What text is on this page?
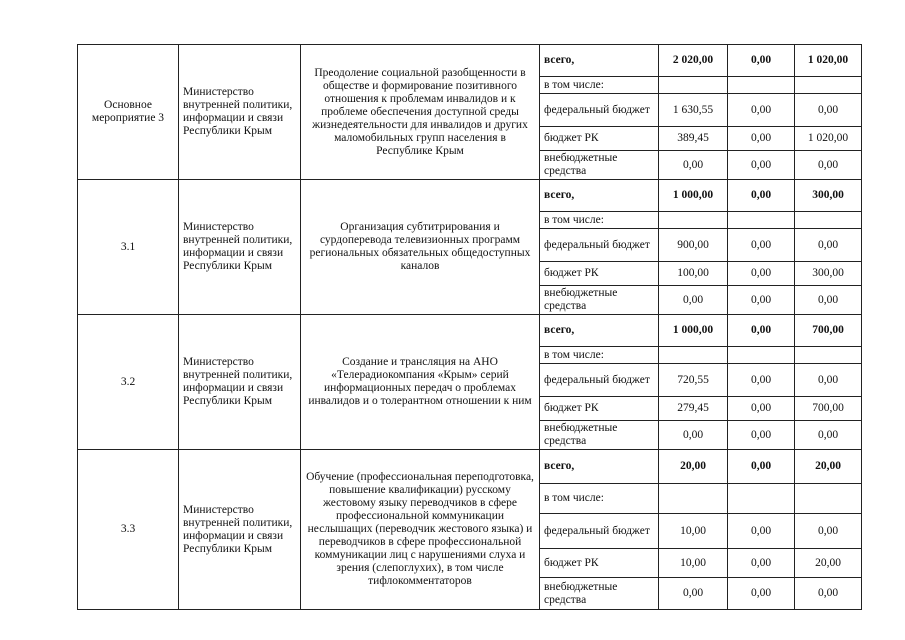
Основное мероприятие 3	Министерство внутренней политики, информации и связи Республики Крым	Преодоление социальной разобщенности в обществе и формирование позитивного отношения к проблемам инвалидов и к проблеме обеспечения доступной среды жизнедеятельности для инвалидов и других маломобильных групп населения в Республике Крым	всего,	2 020,00	0,00	1 020,00
			в том числе:			
			федеральный бюджет	1 630,55	0,00	0,00
			бюджет РК	389,45	0,00	1 020,00
			внебюджетные средства	0,00	0,00	0,00
3.1	Министерство внутренней политики, информации и связи Республики Крым	Организация субтитрирования и сурдоперевода телевизионных программ региональных обязательных общедоступных каналов	всего,	1 000,00	0,00	300,00
			в том числе:			
			федеральный бюджет	900,00	0,00	0,00
			бюджет РК	100,00	0,00	300,00
			внебюджетные средства	0,00	0,00	0,00
3.2	Министерство внутренней политики, информации и связи Республики Крым	Создание и трансляция на АНО «Телерадиокомпания «Крым» серий информационных передач о проблемах инвалидов и о толерантном отношении к ним	всего,	1 000,00	0,00	700,00
			в том числе:			
			федеральный бюджет	720,55	0,00	0,00
			бюджет РК	279,45	0,00	700,00
			внебюджетные средства	0,00	0,00	0,00
3.3	Министерство внутренней политики, информации и связи Республики Крым	Обучение (профессиональная переподготовка, повышение квалификации) русскому жестовому языку переводчиков в сфере профессиональной коммуникации неслышащих (переводчик жестового языка) и переводчиков в сфере профессиональной коммуникации лиц с нарушениями слуха и зрения (слепоглухих), в том числе тифлокомментаторов	всего,	20,00	0,00	20,00
			в том числе:			
			федеральный бюджет	10,00	0,00	0,00
			бюджет РК	10,00	0,00	20,00
			внебюджетные средства	0,00	0,00	0,00
